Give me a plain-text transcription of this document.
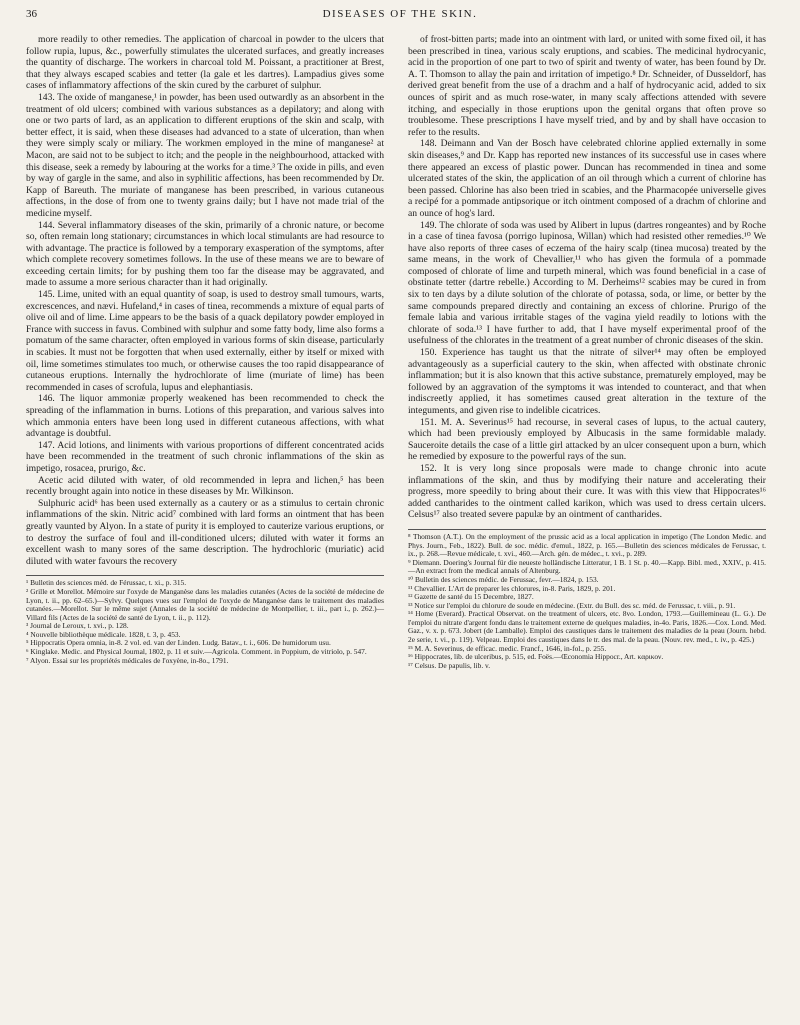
36	DISEASES OF THE SKIN.

more readily to other remedies. The application of charcoal in powder to the ulcers that follow rupia, lupus, &c., powerfully stimulates the ulcerated surfaces, and greatly increases the quantity of discharge. The workers in charcoal told M. Poissant, a practitioner at Brest, that they always escaped scabies and tetter (la gale et les dartres). Lampadius gives some cases of inflammatory affections of the skin cured by the carburet of sulphur.

143. The oxide of manganese,¹ in powder, has been used outwardly as an absorbent in the treatment of old ulcers; combined with various substances as a depilatory; and along with one or two parts of lard, as an application to different eruptions of the skin and scalp, with better effect, it is said, when these diseases had advanced to a state of ulceration, than when they were simply scaly or miliary. The workmen employed in the mine of manganese² at Macon, are said not to be subject to itch; and the people in the neighbourhood, attacked with this disease, seek a remedy by labouring at the works for a time.³ The oxide in pills, and even by way of gargle in the same, and also in syphilitic affections, has been recommended by Dr. Kapp of Bareuth. The muriate of manganese has been prescribed, in various cutaneous affections, in the dose of from one to twenty grains daily; but I have not made trial of the medicine myself.

144. Several inflammatory diseases of the skin, primarily of a chronic nature, or become so, often remain long stationary; circumstances in which local stimulants are had resource to with advantage. The practice is followed by a temporary exasperation of the symptoms, after which complete recovery sometimes follows. In the use of these means we are to beware of exceeding certain limits; for by pushing them too far the disease may be aggravated, and made to assume a more serious character than it had originally.

145. Lime, united with an equal quantity of soap, is used to destroy small tumours, warts, excrescences, and nævi. Hufeland,⁴ in cases of tinea, recommends a mixture of equal parts of olive oil and of lime. Lime appears to be the basis of a quack depilatory powder employed in France with success in favus. Combined with sulphur and some fatty body, lime also forms a pomatum of the same character, often employed in various forms of skin disease, particularly in scabies. It must not be forgotten that when used externally, either by itself or mixed with oil, lime sometimes stimulates too much, or otherwise causes the too rapid disappearance of cutaneous eruptions. Internally the hydrochlorate of lime (muriate of lime) has been recommended in cases of scrofula, lupus and elephantiasis.

146. The liquor ammoniæ properly weakened has been recommended to check the spreading of the inflammation in burns. Lotions of this preparation, and various salves into which ammonia enters have been long used in different cutaneous affections, with what advantage is doubtful.

147. Acid lotions, and liniments with various proportions of different concentrated acids have been recommended in the treatment of such chronic inflammations of the skin as impetigo, rosacea, prurigo, &c.

Acetic acid diluted with water, of old recommended in lepra and lichen,⁵ has been recently brought again into notice in these diseases by Mr. Wilkinson.

Sulphuric acid⁶ has been used externally as a cautery or as a stimulus to certain chronic inflammations of the skin. Nitric acid⁷ combined with lard forms an ointment that has been greatly vaunted by Alyon. In a state of purity it is employed to cauterize various eruptions, or to destroy the surface of foul and ill-conditioned ulcers; diluted with water it forms an excellent wash to many sores of the same description. The hydrochloric (muriatic) acid diluted with water favours the recovery

¹ Bulletin des sciences méd. de Férussac, t. xi., p. 315.
² Grille et Morellot. Mémoire sur l'oxyde de Manganèse dans les maladies cutanées (Actes de la société de médecine de Lyon, t. ii., pp. 62–65.)—Sylvy. Quelques vues sur l'emploi de l'oxyde de Manganèse dans le traitement des maladies cutanées.—Morellot. Sur le même sujet (Annales de la société de médecine de Montpellier, t. iii., part i., p. 262.)—Villard fils (Actes de la société de santé de Lyon, t. ii., p. 112).
³ Journal de Leroux, t. xvi., p. 128.
⁴ Nouvelle bibliothèque médicale. 1828, t. 3, p. 453.
⁵ Hippocratis Opera omnia, in-8. 2 vol. ed. van der Linden. Ludg. Batav., t. i., 606. De humidorum usu.
⁶ Kinglake. Medic. and Physical Journal, 1802, p. 11 et suiv.—Agricola. Comment. in Poppium, de vitriolo, p. 547.
⁷ Alyon. Essai sur les propriétés médicales de l'oxyène, in-8o., 1791.

of frost-bitten parts; made into an ointment with lard, or united with some fixed oil, it has been prescribed in tinea, various scaly eruptions, and scabies. The medicinal hydrocyanic, acid in the proportion of one part to two of spirit and twenty of water, has been found by Dr. A. T. Thomson to allay the pain and irritation of impetigo.⁸ Dr. Schneider, of Dusseldorf, has derived great benefit from the use of a drachm and a half of hydrocyanic acid, added to six ounces of spirit and as much rose-water, in many scaly affections attended with severe itching, and especially in those eruptions upon the genital organs that often prove so troublesome. These prescriptions I have myself tried, and by and by shall have occasion to refer to the results.

148. Deimann and Van der Bosch have celebrated chlorine applied externally in some skin diseases,⁹ and Dr. Kapp has reported new instances of its successful use in cases where there appeared an excess of plastic power. Duncan has recommended in tinea and some ulcerated states of the skin, the application of an oil through which a current of chlorine has been passed. Chlorine has also been tried in scabies, and the Pharmacopée universelle gives a recipé for a pommade antipsorique or itch ointment composed of a drachm of chlorine and an ounce of hog's lard.

149. The chlorate of soda was used by Alibert in lupus (dartres rongeantes) and by Roche in a case of tinea favosa (porrigo lupinosa, Willan) which had resisted other remedies.¹⁰ We have also reports of three cases of eczema of the hairy scalp (tinea mucosa) treated by the same means, in the work of Chevallier,¹¹ who has given the formula of a pommade composed of chlorate of lime and turpeth mineral, which was found beneficial in a case of obstinate tetter (dartre rebelle.) According to M. Derheims¹² scabies may be cured in from six to ten days by a dilute solution of the chlorate of potassa, soda, or lime, or better by the same compounds prepared directly and containing an excess of chlorine. Prurigo of the female labia and various irritable stages of the vagina yield readily to lotions with the chlorate of soda.¹³ I have further to add, that I have myself experimental proof of the usefulness of the chlorates in the treatment of a great number of chronic diseases of the skin.

150. Experience has taught us that the nitrate of silver¹⁴ may often be employed advantageously as a superficial cautery to the skin, when affected with obstinate chronic inflammation; but it is also known that this active substance, prematurely employed, may be followed by an aggravation of the symptoms it was intended to counteract, and that when indiscreetly applied, it has sometimes caused great alteration in the texture of the integuments, and given rise to indelible cicatrices.

151. M. A. Severinus¹⁵ had recourse, in several cases of lupus, to the actual cautery, which had been previously employed by Albucasis in the same formidable malady. Sauceroite details the case of a little girl attacked by an ulcer consequent upon a burn, which he remedied by exposure to the powerful rays of the sun.

152. It is very long since proposals were made to change chronic into acute inflammations of the skin, and thus by modifying their nature and accelerating their progress, more speedily to bring about their cure. It was with this view that Hippocrates¹⁶ added cantharides to the ointment called karikon, which was used to dress certain ulcers. Celsus¹⁷ also treated severe papulæ by an ointment of cantharides.

⁸ Thomson (A.T.). On the employment of the prussic acid as a local application in impetigo (The London Medic. and Phys. Journ., Feb., 1822). Bull. de soc. médic. d'emul., 1822, p. 165.—Bulletin des sciences médicales de Ferussac, t. ix., p. 268.—Revue médicale, t. xvi., 460.—Arch. gén. de médec., t. xvi., p. 289.
⁹ Diemann. Doering's Journal für die neueste holländische Litteratur, 1 B. 1 St. p. 40.—Kapp. Bibl. med., XXIV., p. 415.—An extract from the medical annals of Altenburg.
¹⁰ Bulletin des sciences médic. de Ferussac, fevr.—1824, p. 153.
¹¹ Chevallier. L'Art de preparer les chlorures, in-8. Paris, 1829, p. 201.
¹² Gazette de santé du 15 Decembre, 1827.
¹³ Notice sur l'emploi du chlorure de soude en médecine. (Extr. du Bull. des sc. méd. de Ferussac, t. viii., p. 91.
¹⁴ Home (Everard). Practical Observat. on the treatment of ulcers, etc. 8vo. London, 1793.—Guillemineau (L. G.). De l'emploi du nitrate d'argent fondu dans le traitement externe de quelques maladies, in-4o. Paris, 1826.—Cox. Lond. Med. Gaz., v. x. p. 673. Jobert (de Lamballe). Emploi des caustiques dans le traitement des maladies de la peau (Journ. hebd. 2e serie, t. vi., p. 119). Velpeau. Emploi des caustiques dans le tr. des mal. de la peau. (Nouv. rev. med., t. iv., p. 425.)
¹⁵ M. A. Severinus, de efficac. medic. Francf., 1646, in-fol., p. 255.
¹⁶ Hippocrates, lib. de ulceribus, p. 515, ed. Foës.—Œconomia Hippocr., Art. καρικον.
¹⁷ Celsus. De papulis, lib. v.
